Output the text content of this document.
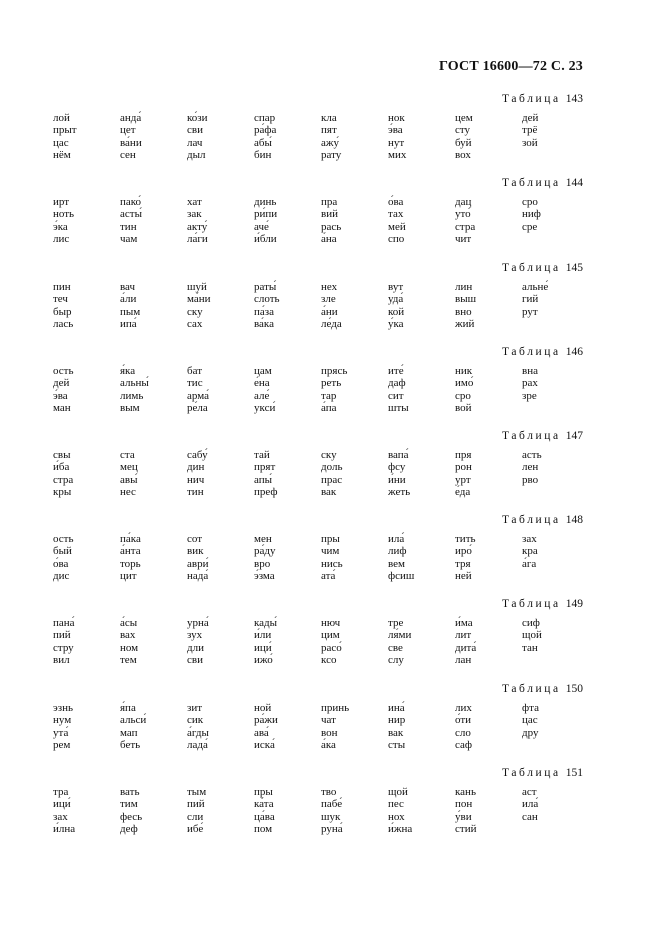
ГОСТ 16600—72 С. 23
Таблица 143
лой
прыт
цас
нём
анда́
цет
ва́ни
сен
ко́зи
сви
лач
дыл
спар
ра́фа
абы́
бин
кла
пят
ажу́
рату
нок
э́ва
нут
мих
цем
сту
буй
вох
дей
трё
зой
Таблица 144
ирт
ноть
э́ка
лис
пако́
асты́
тин
чам
хат
зак
акту́
ла́ги
динь
ри́пи
аче́
и́бли
пра
вий
рась
а́на
о́ва
тах
мей
спо
дац
уто́
стра
чит
сро
ниф
сре
Таблица 145
пин
теч
быр
лась
вач
а́ли
пым
ипа́
шуй
ма́ни
ску
сах
раты́
слоть
па́за
ва́ка
нех
зле
а́ни
ле́да
вут
уда́
кой
у́ка
лин
выш
вно
жий
альне́
гий
рут
Таблица 146
ость
дей
э́ва
ман
я́ка
альны́
лимь
вым
бат
тис
арма́
ре́ла
цам
е́на
але́
укси́
прясь
реть
тар
а́па
ите́
даф
сит
шты
ник
имо́
сро
вой
вна
рах
зре
Таблица 147
свы
и́ба
стра
кры
ста
мец
авы́
нес
сабу́
дин
нич
тин
тай
прят
апы́
преф
ску
доль
прас
вак
вапа́
фсу
и́ни
жеть
пря
рон
урт
е́да
асть
лен
рво
Таблица 148
ость
бый
о́ва
дис
па́ка
а́нта
торь
цит
сот
вик
аври́
нада́
мен
ра́ду
вро
э́зма
пры
чим
нись
ата́
ила́
лиф
вем
фсиш
тить
иро́
тря
ней
зах
кра
а́га
Таблица 149
пана́
пий
стру
вил
а́сы
вах
ном
тем
урна́
зух
дли
сви
кады́
и́ли
ици́
ижо́
нюч
цим
расо́
ксо
тре
ля́ми
све
слу
и́ма
лит
дита́
лан
сиф
щой
тан
Таблица 150
эзнь
нум
ута́
рем
я́па
альси́
мап
беть
зит
сик
а́гды
лада́
ной
ра́жи
ава́
иска́
принь
чат
вон
а́ка
ина́
нир
вак
сты
лих
о́ти
сло
саф
фта
цас
дру
Таблица 151
тра
ици́
зах
и́лна
вать
тим
фесь
деф
тым
пий
сли
ибе́
пры
ка́та
ца́ва
пом
тво
пабе́
шук
руна́
щой
пес
нох
и́жна
кань
пон
у́ви
стий
аст
ила́
сан
